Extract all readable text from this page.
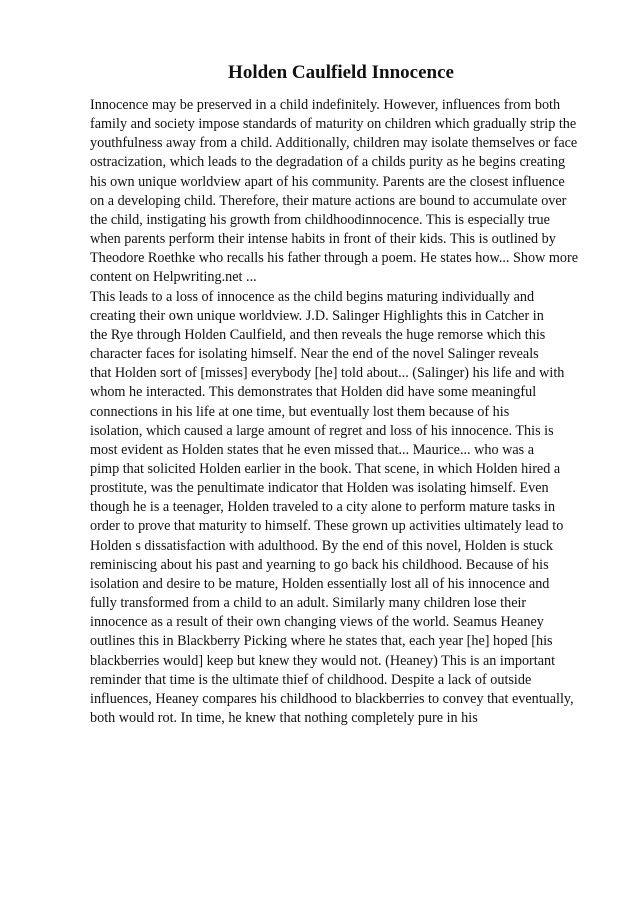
Holden Caulfield Innocence
Innocence may be preserved in a child indefinitely. However, influences from both
family and society impose standards of maturity on children which gradually strip the
youthfulness away from a child. Additionally, children may isolate themselves or face
ostracization, which leads to the degradation of a childs purity as he begins creating
his own unique worldview apart of his community. Parents are the closest influence
on a developing child. Therefore, their mature actions are bound to accumulate over
the child, instigating his growth from childhoodinnocence. This is especially true
when parents perform their intense habits in front of their kids. This is outlined by
Theodore Roethke who recalls his father through a poem. He states how... Show more
content on Helpwriting.net ...
This leads to a loss of innocence as the child begins maturing individually and
creating their own unique worldview. J.D. Salinger Highlights this in Catcher in
the Rye through Holden Caulfield, and then reveals the huge remorse which this
character faces for isolating himself. Near the end of the novel Salinger reveals
that Holden sort of [misses] everybody [he] told about... (Salinger) his life and with
whom he interacted. This demonstrates that Holden did have some meaningful
connections in his life at one time, but eventually lost them because of his
isolation, which caused a large amount of regret and loss of his innocence. This is
most evident as Holden states that he even missed that... Maurice... who was a
pimp that solicited Holden earlier in the book. That scene, in which Holden hired a
prostitute, was the penultimate indicator that Holden was isolating himself. Even
though he is a teenager, Holden traveled to a city alone to perform mature tasks in
order to prove that maturity to himself. These grown up activities ultimately lead to
Holden s dissatisfaction with adulthood. By the end of this novel, Holden is stuck
reminiscing about his past and yearning to go back his childhood. Because of his
isolation and desire to be mature, Holden essentially lost all of his innocence and
fully transformed from a child to an adult. Similarly many children lose their
innocence as a result of their own changing views of the world. Seamus Heaney
outlines this in Blackberry Picking where he states that, each year [he] hoped [his
blackberries would] keep but knew they would not. (Heaney) This is an important
reminder that time is the ultimate thief of childhood. Despite a lack of outside
influences, Heaney compares his childhood to blackberries to convey that eventually,
both would rot. In time, he knew that nothing completely pure in his
